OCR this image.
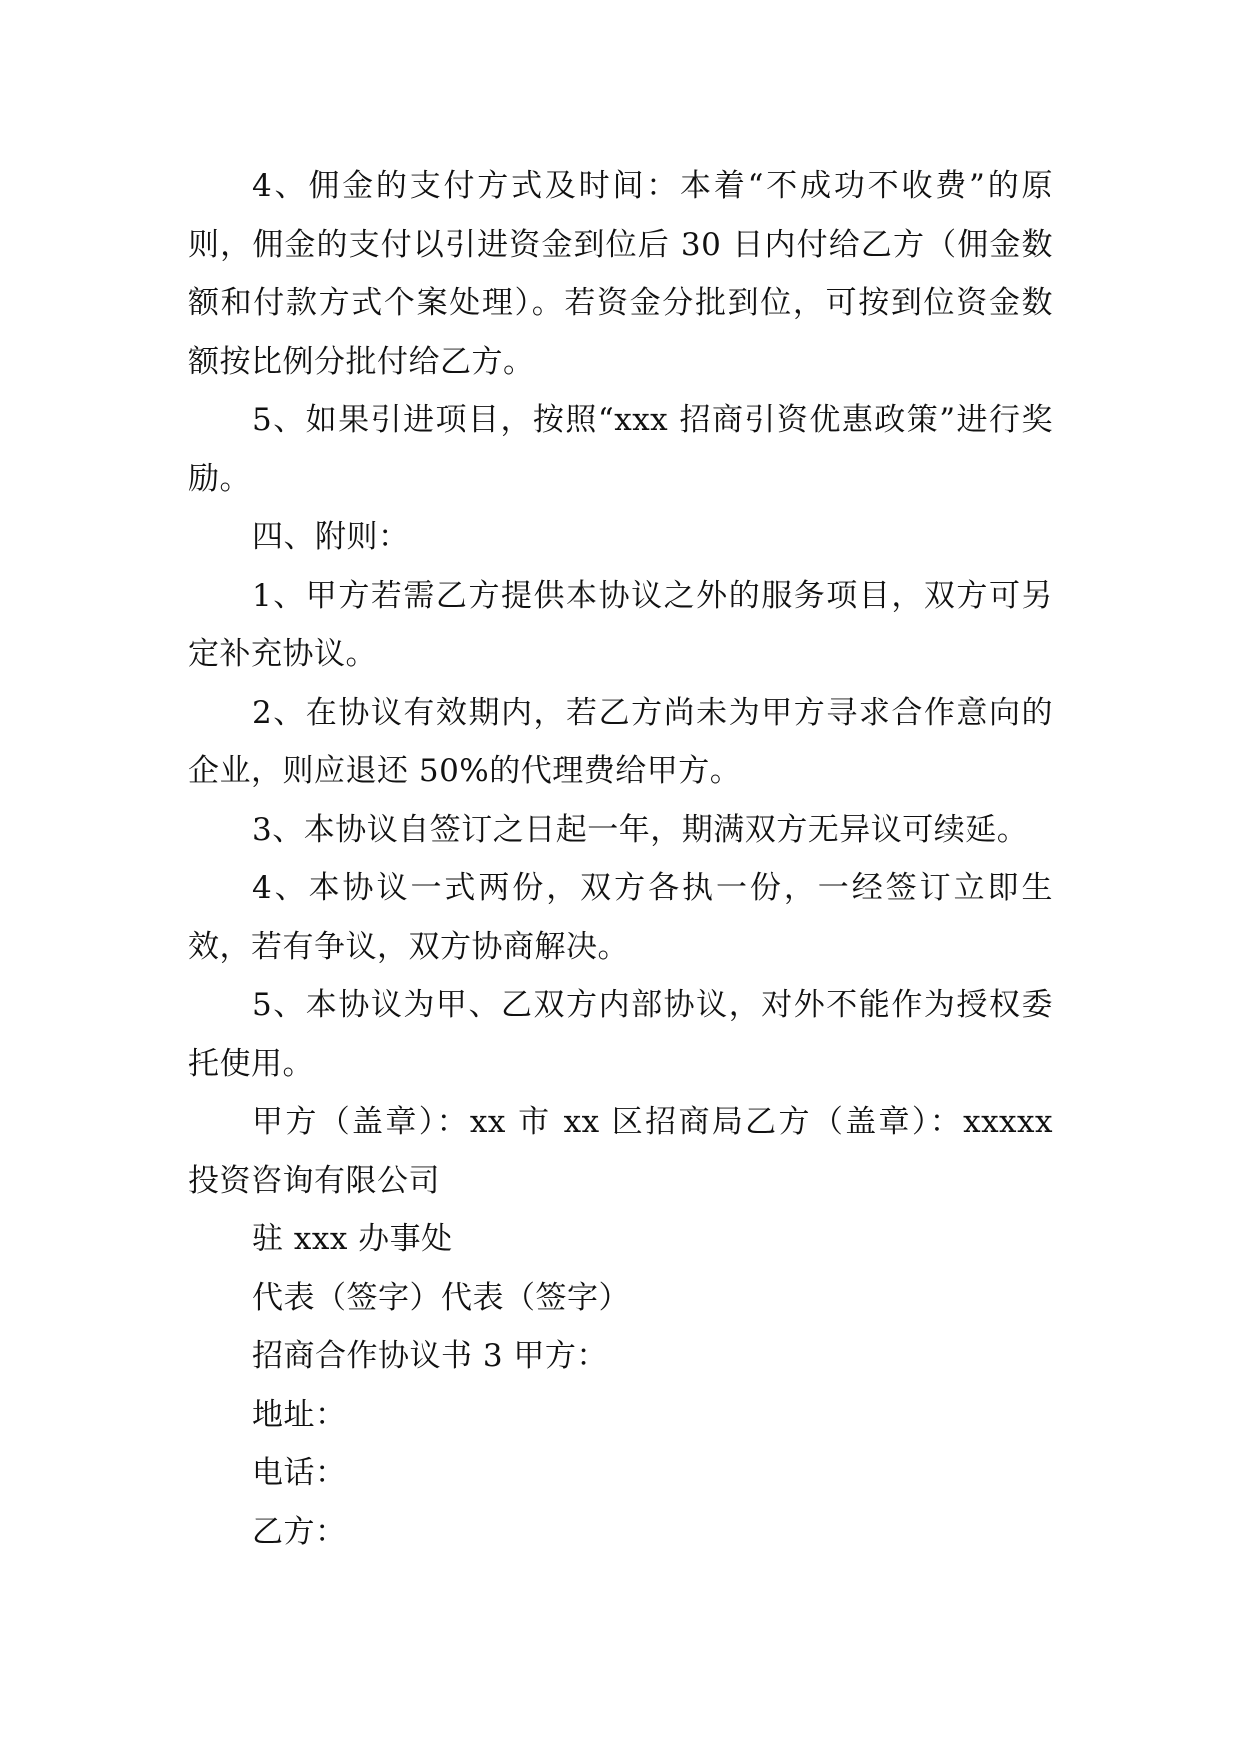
4、佣金的支付方式及时间：本着“不成功不收费”的原则，佣金的支付以引进资金到位后 30 日内付给乙方（佣金数额和付款方式个案处理）。若资金分批到位，可按到位资金数额按比例分批付给乙方。

5、如果引进项目，按照“xxx 招商引资优惠政策”进行奖励。

四、附则：

1、甲方若需乙方提供本协议之外的服务项目，双方可另定补充协议。

2、在协议有效期内，若乙方尚未为甲方寻求合作意向的企业，则应退还 50%的代理费给甲方。

3、本协议自签订之日起一年，期满双方无异议可续延。

4、本协议一式两份，双方各执一份，一经签订立即生效，若有争议，双方协商解决。

5、本协议为甲、乙双方内部协议，对外不能作为授权委托使用。

甲方（盖章）：xx 市 xx 区招商局乙方（盖章）：xxxxx 投资咨询有限公司

驻 xxx 办事处

代表（签字）代表（签字）

招商合作协议书 3 甲方：

地址：

电话：

乙方：
